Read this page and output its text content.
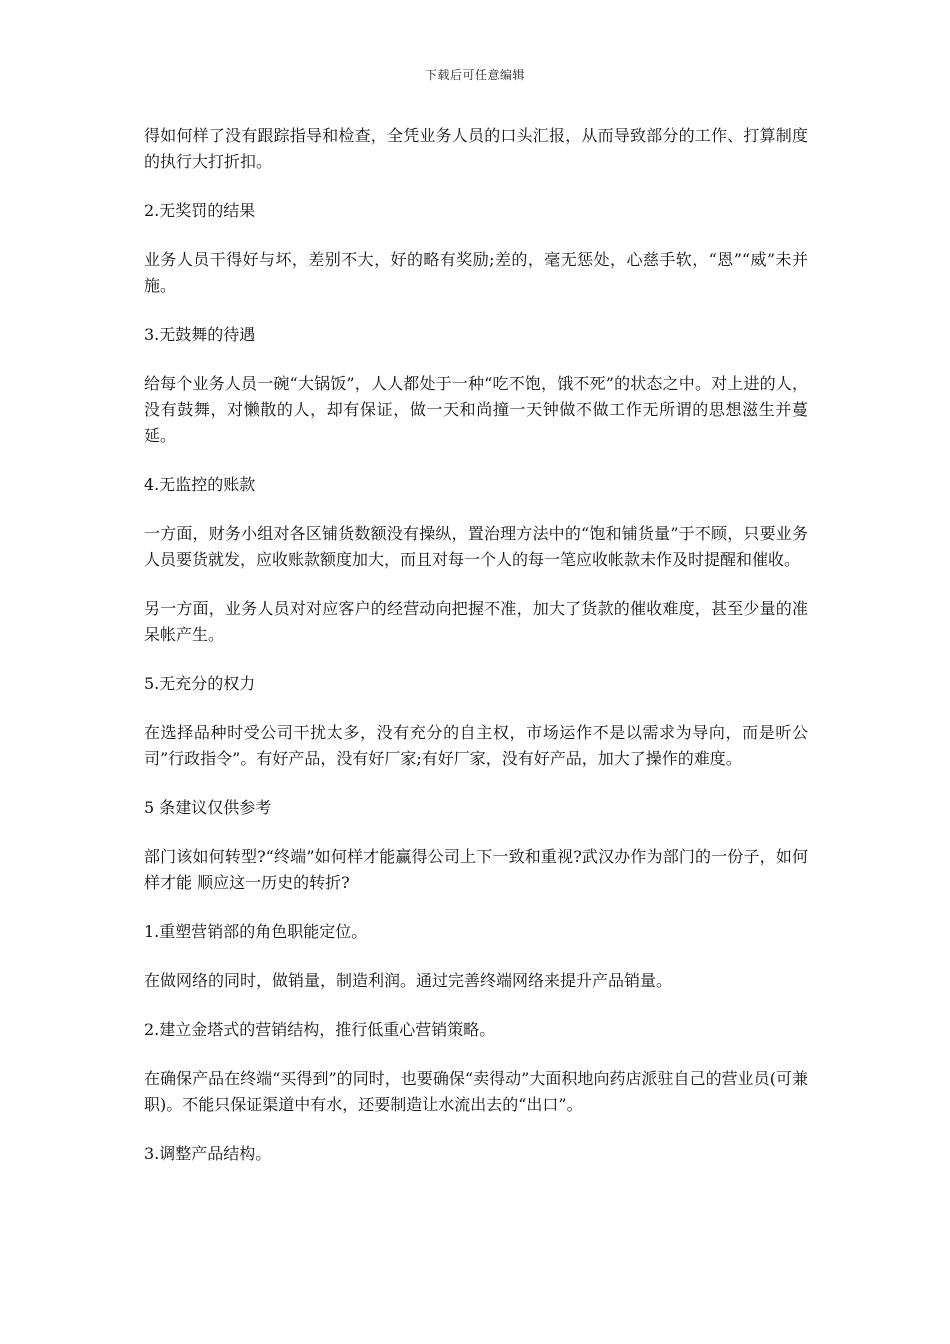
下载后可任意编辑

得如何样了没有跟踪指导和检查，全凭业务人员的口头汇报，从而导致部分的工作、打算制度的执行大打折扣。

2.无奖罚的结果

业务人员干得好与坏，差别不大，好的略有奖励;差的，毫无惩处，心慈手软，“恩”“威”未并施。

3.无鼓舞的待遇

给每个业务人员一碗“大锅饭”，人人都处于一种“吃不饱，饿不死”的状态之中。对上进的人，没有鼓舞，对懒散的人，却有保证，做一天和尚撞一天钟做不做工作无所谓的思想滋生并蔓延。

4.无监控的账款

一方面，财务小组对各区铺货数额没有操纵，置治理方法中的“饱和铺货量”于不顾，只要业务人员要货就发，应收账款额度加大，而且对每一个人的每一笔应收帐款未作及时提醒和催收。

另一方面，业务人员对对应客户的经营动向把握不准，加大了货款的催收难度，甚至少量的准呆帐产生。

5.无充分的权力

在选择品种时受公司干扰太多，没有充分的自主权，市场运作不是以需求为导向，而是听公司”行政指令”。有好产品，没有好厂家;有好厂家，没有好产品，加大了操作的难度。

5 条建议仅供参考

部门该如何转型?“终端”如何样才能赢得公司上下一致和重视?武汉办作为部门的一份子，如何样才能 顺应这一历史的转折?

1.重塑营销部的角色职能定位。

在做网络的同时，做销量，制造利润。通过完善终端网络来提升产品销量。

2.建立金塔式的营销结构，推行低重心营销策略。

在确保产品在终端“买得到”的同时，也要确保“卖得动”大面积地向药店派驻自己的营业员(可兼职)。不能只保证渠道中有水，还要制造让水流出去的“出口”。

3.调整产品结构。
